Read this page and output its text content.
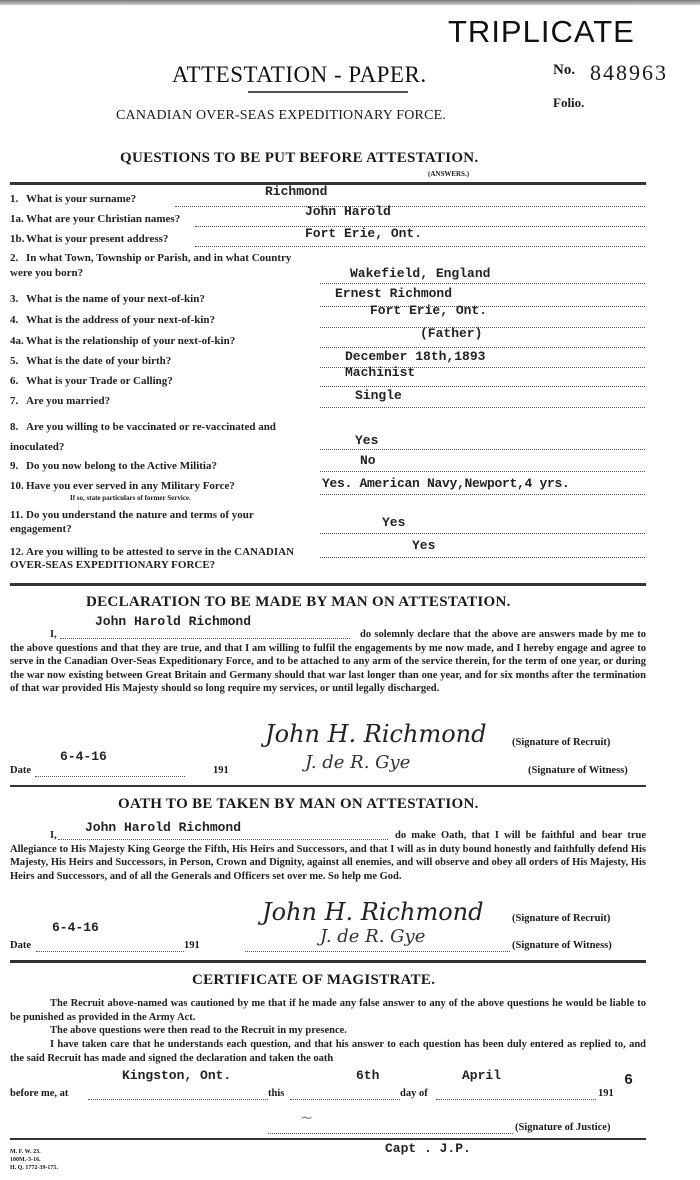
TRIPLICATE
ATTESTATION - PAPER.	No. 848963
Folio.
CANADIAN OVER-SEAS EXPEDITIONARY FORCE.
QUESTIONS TO BE PUT BEFORE ATTESTATION.
(ANSWERS.)
1. What is your surname?	Richmond
1a. What are your Christian names?	John Harold
1b. What is your present address?	Fort Erie, Ont.
2. In what Town, Township or Parish, and in what Country were you born?	Wakefield, England
3. What is the name of your next-of-kin?	Ernest Richmond
4. What is the address of your next-of-kin?
Fort Erie, Ont.
4a. What is the relationship of your next-of-kin?	(Father)
5. What is the date of your birth?	December 18th,1893
6. What is your Trade or Calling?
Machinist
7. Are you married?	Single
8. Are you willing to be vaccinated or re-vaccinated and inoculated?	Yes
9. Do you now belong to the Active Militia?	No
10. Have you ever served in any Military Force?
If so, state particulars of former Service.
Yes. American Navy,Newport,4 yrs.
11. Do you understand the nature and terms of your engagement?	Yes
12. Are you willing to be attested to serve in the CANADIAN OVER-SEAS EXPEDITIONARY FORCE?
Yes
DECLARATION TO BE MADE BY MAN ON ATTESTATION.
John Harold Richmond
I,	do solemnly declare that the above are answers made by me to the above questions and that they are true, and that I am willing to fulfil the engagements by me now made, and I hereby engage and agree to serve in the Canadian Over-Seas Expeditionary Force, and to be attached to any arm of the service therein, for the term of one year, or during the war now existing between Great Britain and Germany should that war last longer than one year, and for six months after the termination of that war provided His Majesty should so long require my services, or until legally discharged.
John H. Richmond (Signature of Recruit)
Date
6-4-16
191	J. de R. Gye	(Signature of Witness)
OATH TO BE TAKEN BY MAN ON ATTESTATION.
I,
John Harold Richmond
do make Oath, that I will be faithful and bear true Allegiance to His Majesty King George the Fifth, His Heirs and Successors, and that I will as in duty bound honestly and faithfully defend His Majesty, His Heirs and Successors, in Person, Crown and Dignity, against all enemies, and will observe and obey all orders of His Majesty, His Heirs and Successors, and of all the Generals and Officers set over me. So help me God.
John H. Richmond	(Signature of Recruit)
6-4-16
Date	191	J. de R. Gye	(Signature of Witness)
CERTIFICATE OF MAGISTRATE.
The Recruit above-named was cautioned by me that if he made any false answer to any of the above questions he would be liable to be punished as provided in the Army Act.
The above questions were then read to the Recruit in my presence.
I have taken care that he understands each question, and that his answer to each question has been duly entered as replied to, and the said Recruit has made and signed the declaration and taken the oath
before me, at
Kingston, Ont.
this
6th
day of
April
191
6
~
(Signature of Justice)
Capt . J.P.
M. F. W. 23.
100M.-3-16.
H. Q. 1772-39-175.
